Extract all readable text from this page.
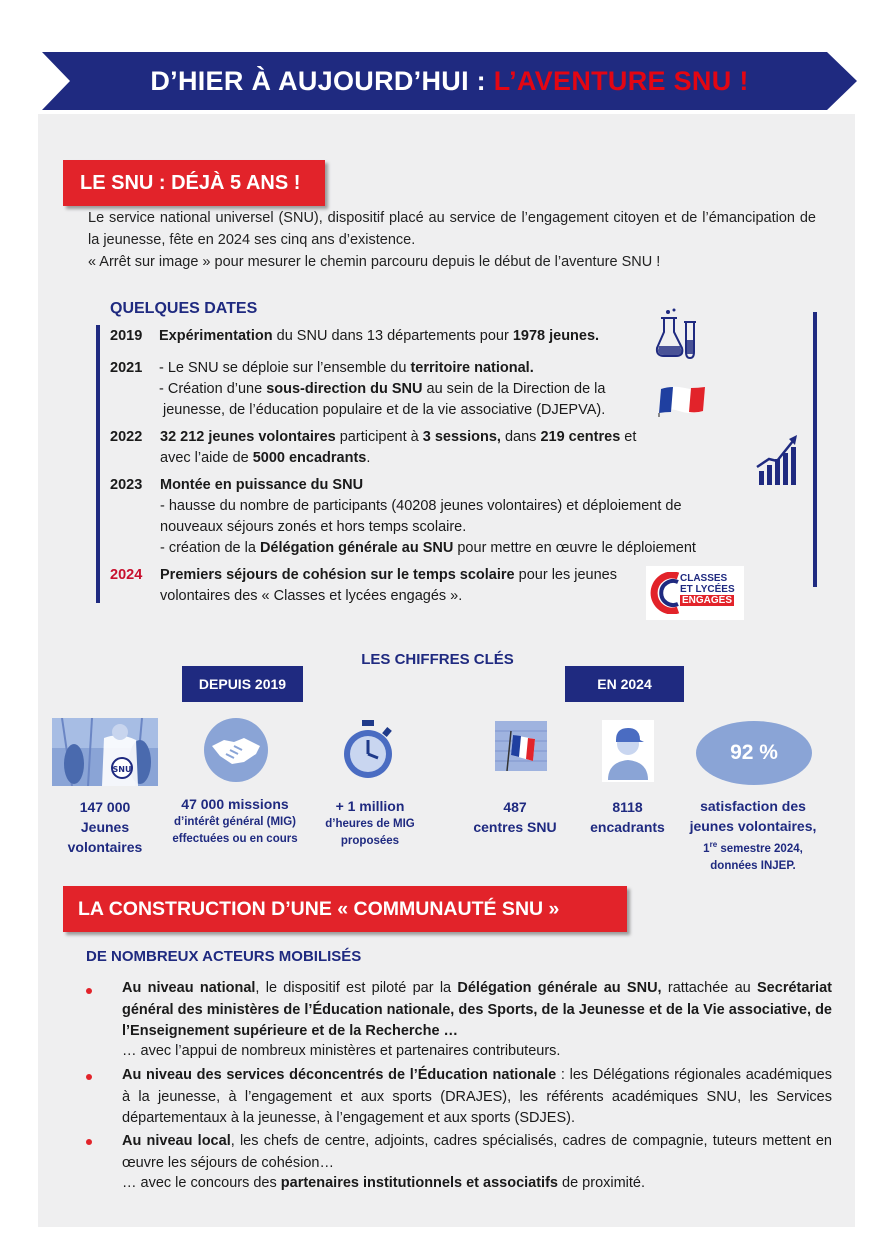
D’HIER À AUJOURD’HUI : L’AVENTURE SNU !
LE SNU : DÉJÀ 5 ANS !
Le service national universel (SNU), dispositif placé au service de l’engagement citoyen et de l’émancipation de la jeunesse, fête en 2024 ses cinq ans d’existence.
« Arrêt sur image » pour mesurer le chemin parcouru depuis le début de l’aventure SNU !
QUELQUES DATES
2019 Expérimentation du SNU dans 13 départements pour 1978 jeunes.
2021 - Le SNU se déploie sur l’ensemble du territoire national.
- Création d’une sous-direction du SNU au sein de la Direction de la
jeunesse, de l’éducation populaire et de la vie associative (DJEPVA).
2022 32 212 jeunes volontaires participent à 3 sessions, dans 219 centres et
avec l’aide de 5000 encadrants.
2023 Montée en puissance du SNU
- hausse du nombre de participants (40208 jeunes volontaires) et déploiement de
nouveaux séjours zonés et hors temps scolaire.
- création de la Délégation générale au SNU pour mettre en œuvre le déploiement
2024 Premiers séjours de cohésion sur le temps scolaire pour les jeunes
volontaires des « Classes et lycées engagés ».
CLASSES
ET LYCÉES
ENGAGÉS
LES CHIFFRES CLÉS
DEPUIS 2019	EN 2024
SNU
92 %
147 000
Jeunes
volontaires
47 000 missions
d’intérêt général (MIG)
effectuées ou en cours
+ 1 million
d’heures de MIG
proposées
487
centres SNU
8118
encadrants
satisfaction des
jeunes volontaires,
1re semestre 2024,
données INJEP.
LA CONSTRUCTION D’UNE « COMMUNAUTÉ SNU »
DE NOMBREUX ACTEURS MOBILISÉS
Au niveau national, le dispositif est piloté par la Délégation générale au SNU, rattachée au Secrétariat général des ministères de l’Éducation nationale, des Sports, de la Jeunesse et de la Vie associative, de l’Enseignement supérieure et de la Recherche …
… avec l’appui de nombreux ministères et partenaires contributeurs.
Au niveau des services déconcentrés de l’Éducation nationale : les Délégations régionales académiques à la jeunesse, à l’engagement et aux sports (DRAJES), les référents académiques SNU, les Services départementaux à la jeunesse, à l’engagement et aux sports (SDJES).
Au niveau local, les chefs de centre, adjoints, cadres spécialisés, cadres de compagnie, tuteurs mettent en œuvre les séjours de cohésion…
… avec le concours des partenaires institutionnels et associatifs de proximité.
